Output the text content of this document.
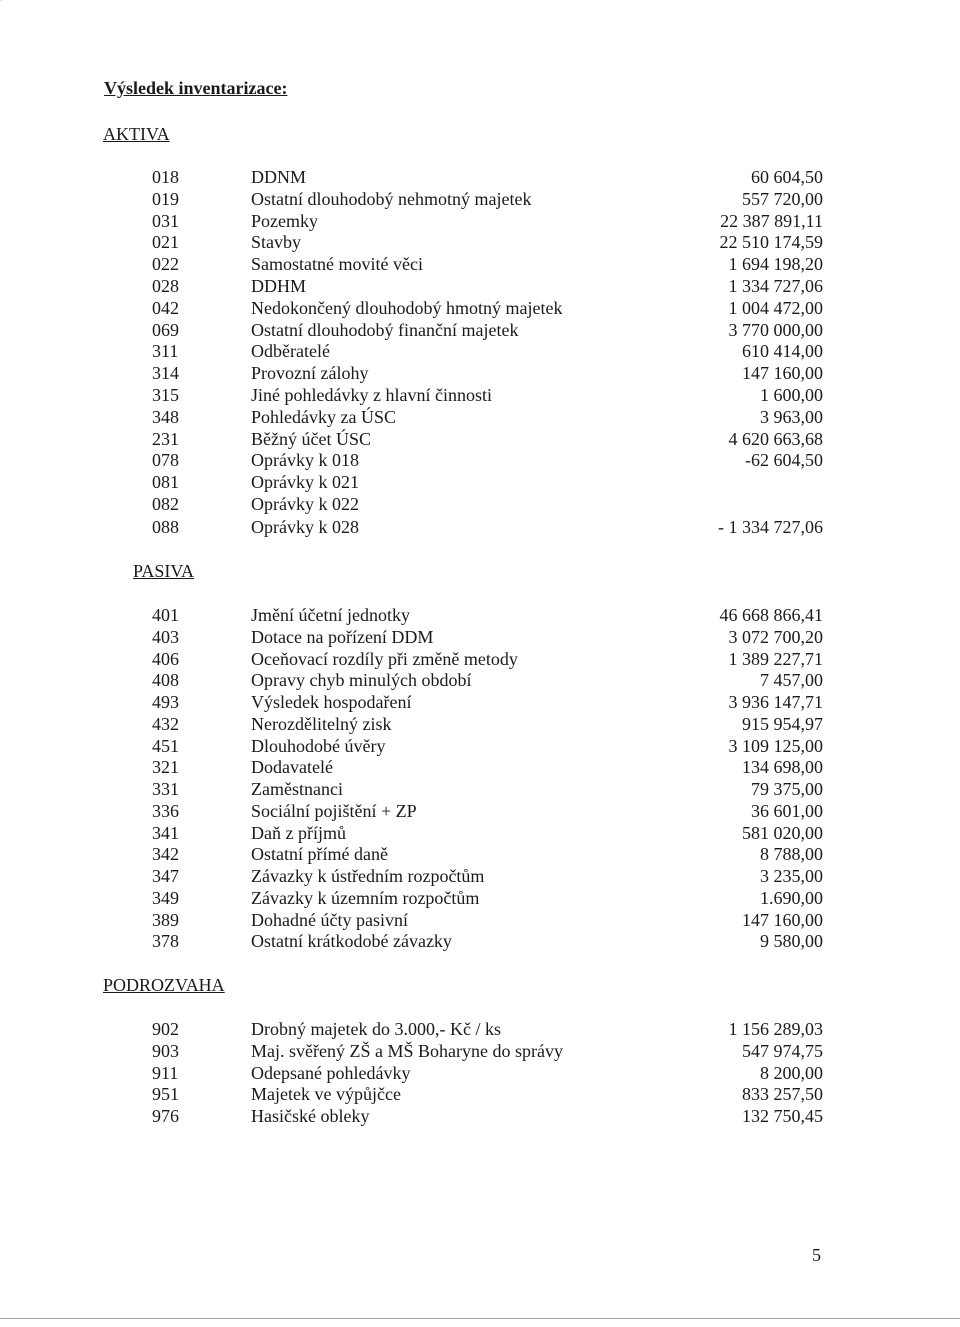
Výsledek inventarizace:
AKTIVA
018	DDNM	60 604,50
019	Ostatní dlouhodobý nehmotný majetek	557 720,00
031	Pozemky	22 387 891,11
021	Stavby	22 510 174,59
022	Samostatné movité věci	1 694 198,20
028	DDHM	1 334 727,06
042	Nedokončený dlouhodobý hmotný majetek	1 004 472,00
069	Ostatní dlouhodobý finanční majetek	3 770 000,00
311	Odběratelé	610 414,00
314	Provozní zálohy	147 160,00
315	Jiné pohledávky z hlavní činnosti	1 600,00
348	Pohledávky za ÚSC	3 963,00
231	Běžný účet ÚSC	4 620 663,68
078	Oprávky k 018	-62 604,50
081	Oprávky k 021
082	Oprávky k 022
088	Oprávky k 028	- 1 334 727,06
PASIVA
401	Jmění účetní jednotky	46 668 866,41
403	Dotace na pořízení DDM	3 072 700,20
406	Oceňovací rozdíly při změně metody	1 389 227,71
408	Opravy chyb minulých období	7 457,00
493	Výsledek hospodaření	3 936 147,71
432	Nerozdělitelný zisk	915 954,97
451	Dlouhodobé úvěry	3 109 125,00
321	Dodavatelé	134 698,00
331	Zaměstnanci	79 375,00
336	Sociální pojištění + ZP	36 601,00
341	Daň z příjmů	581 020,00
342	Ostatní přímé daně	8 788,00
347	Závazky k ústředním rozpočtům	3 235,00
349	Závazky k územním rozpočtům	1.690,00
389	Dohadné účty pasivní	147 160,00
378	Ostatní krátkodobé závazky	9 580,00
PODROZVAHA
902	Drobný majetek do 3.000,- Kč / ks	1 156 289,03
903	Maj. svěřený ZŠ a MŠ Boharyne do správy	547 974,75
911	Odepsané pohledávky	8 200,00
951	Majetek ve výpůjčce	833 257,50
976	Hasičské obleky	132 750,45
5
